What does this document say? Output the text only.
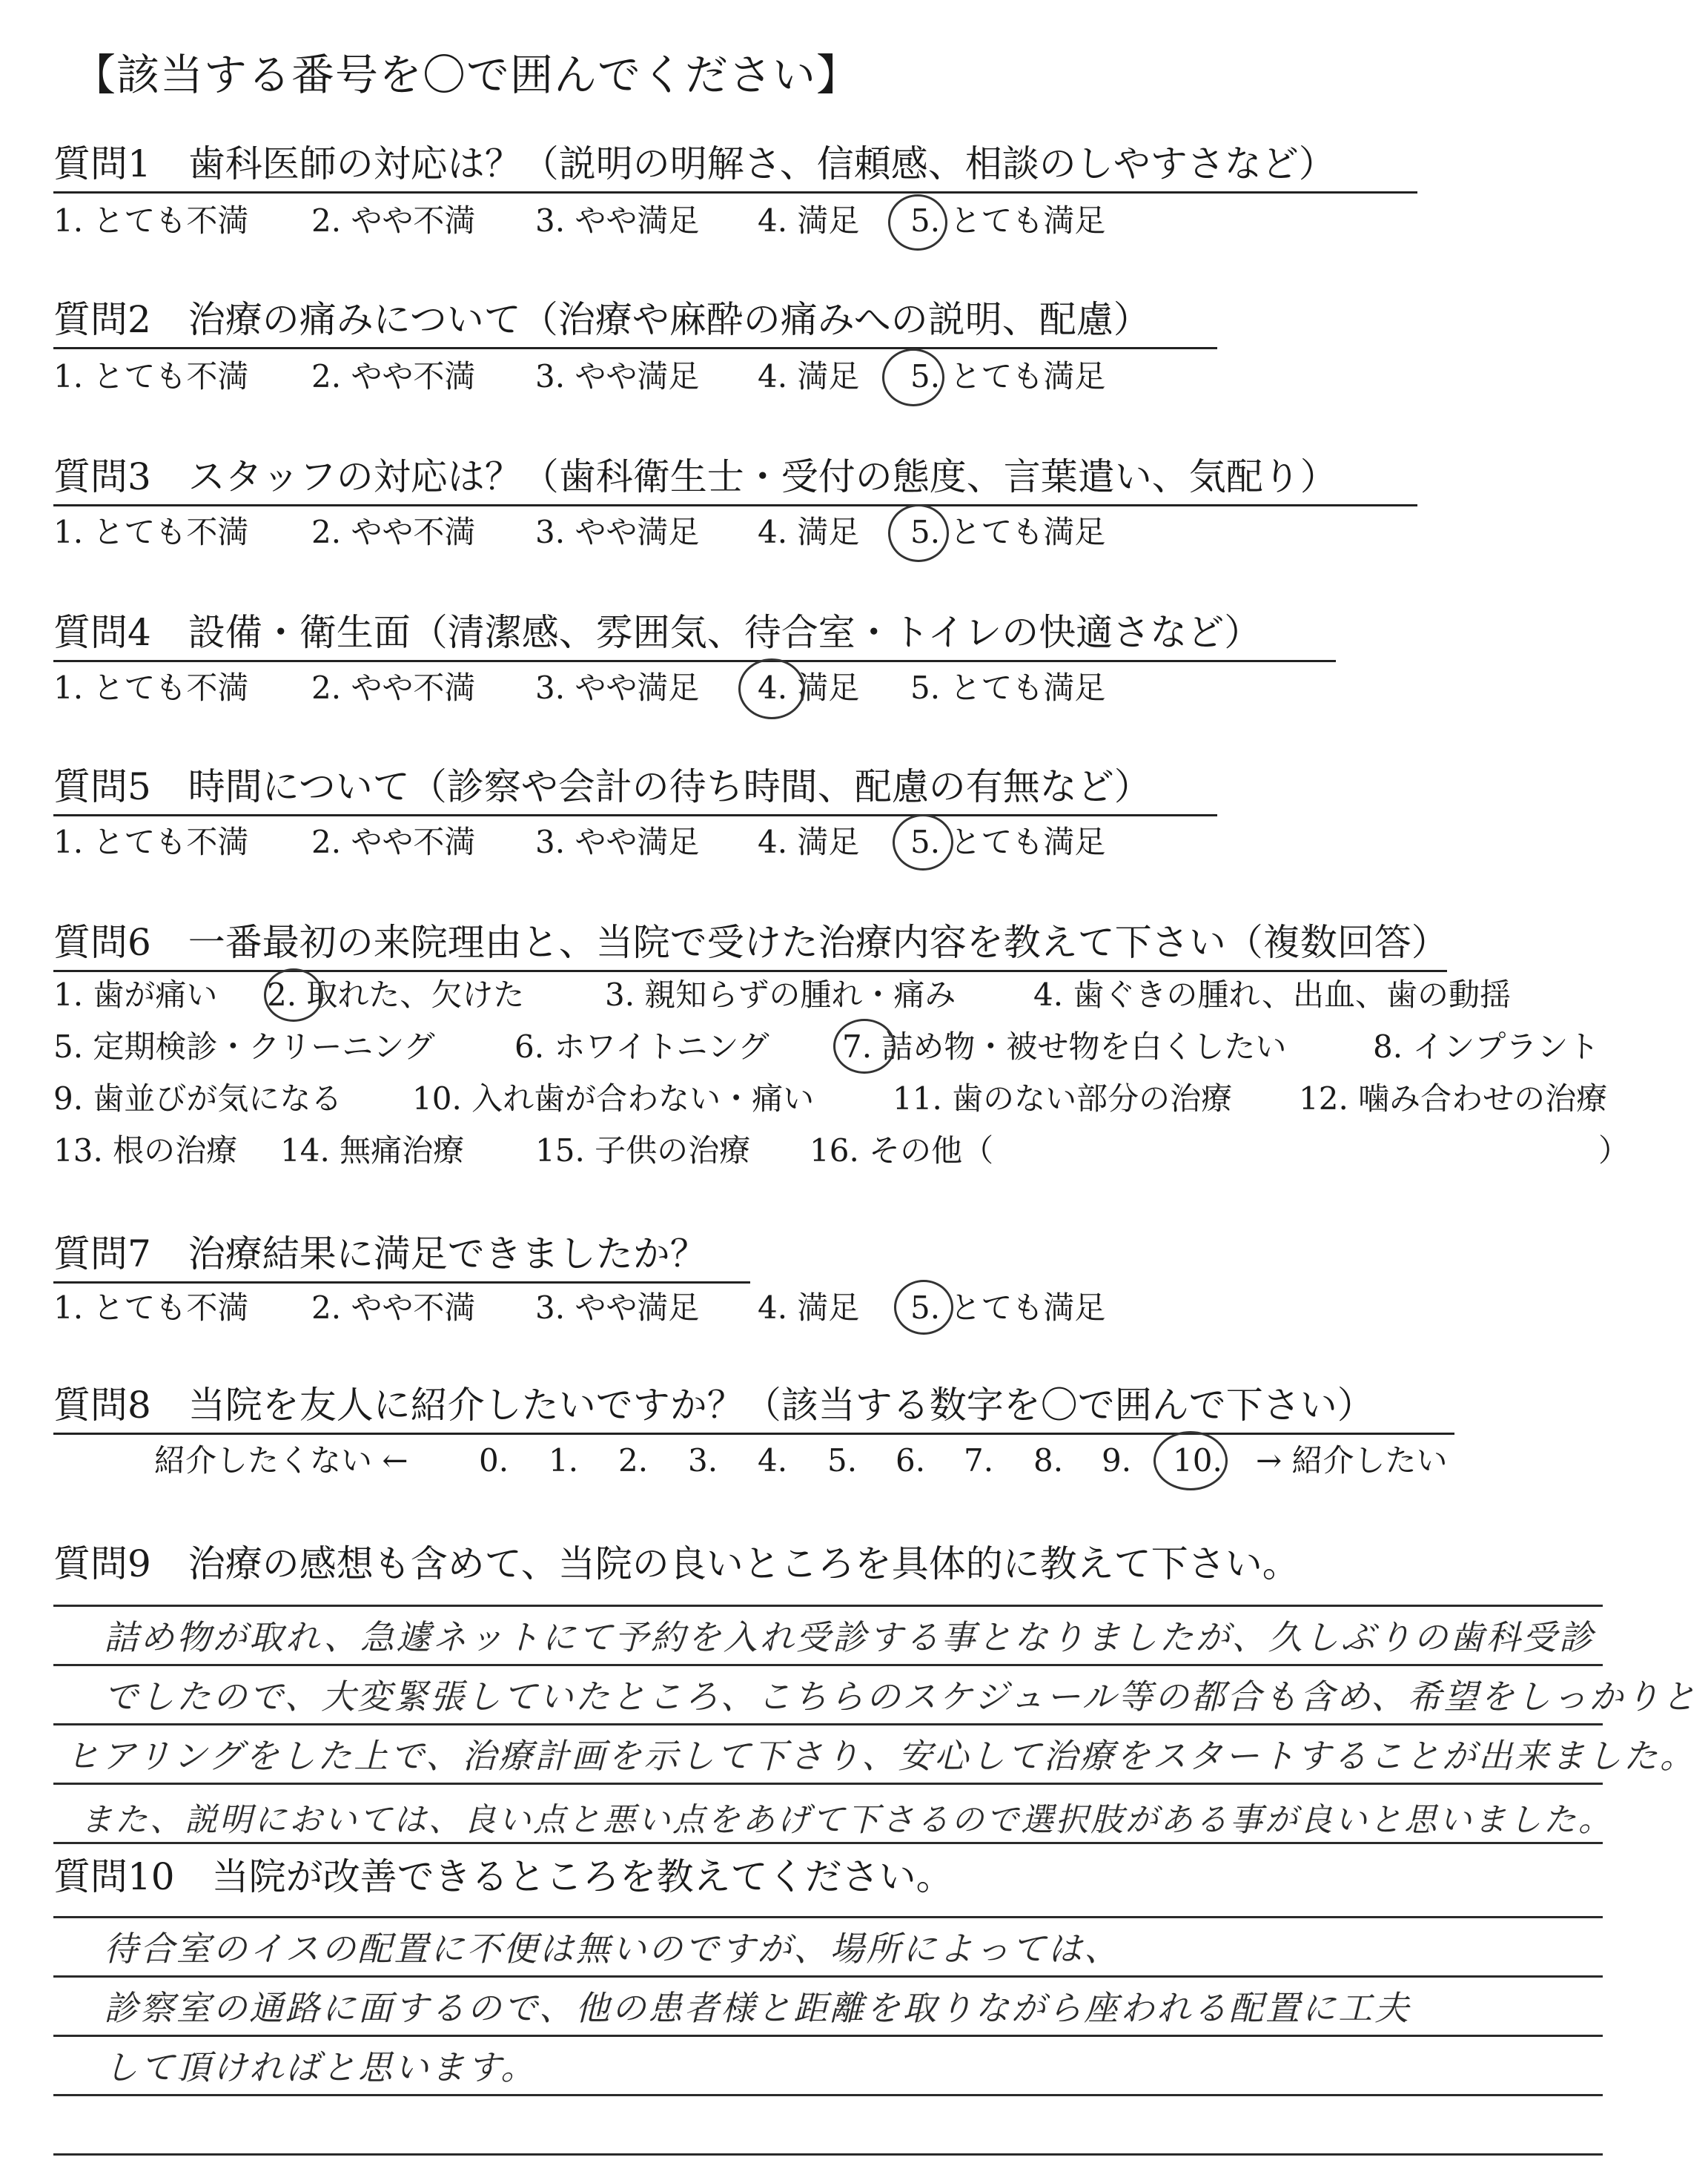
【該当する番号を〇で囲んでください】
質問1　歯科医師の対応は？（説明の明解さ、信頼感、相談のしやすさなど）
1. とても不満 2. やや不満 3. やや満足 4. 満足 5. とても満足
質問2　治療の痛みについて（治療や麻酔の痛みへの説明、配慮）
1. とても不満 2. やや不満 3. やや満足 4. 満足 5. とても満足
質問3　スタッフの対応は？（歯科衛生士・受付の態度、言葉遣い、気配り）
1. とても不満 2. やや不満 3. やや満足 4. 満足 5. とても満足
質問4　設備・衛生面（清潔感、雰囲気、待合室・トイレの快適さなど）
1. とても不満 2. やや不満 3. やや満足 4. 満足 5. とても満足
質問5　時間について（診察や会計の待ち時間、配慮の有無など）
1. とても不満 2. やや不満 3. やや満足 4. 満足 5. とても満足
質問6　一番最初の来院理由と、当院で受けた治療内容を教えて下さい（複数回答）
1. 歯が痛い 2. 取れた、欠けた	3. 親知らずの腫れ・痛み 4. 歯ぐきの腫れ、出血、歯の動揺
5. 定期検診・クリーニング	6. ホワイトニング 7. 詰め物・被せ物を白くしたい	8. インプラント
9. 歯並びが気になる 10. 入れ歯が合わない・痛い	11. 歯のない部分の治療 12. 噛み合わせの治療
13. 根の治療 14. 無痛治療 15. 子供の治療 16. その他（	）
質問7　治療結果に満足できましたか？
1. とても不満 2. やや不満 3. やや満足 4. 満足 5. とても満足
質問8　当院を友人に紹介したいですか？（該当する数字を〇で囲んで下さい）
紹介したくない ← 0. 1. 2. 3. 4. 5. 6. 7. 8. 9. 10. → 紹介したい
質問9　治療の感想も含めて、当院の良いところを具体的に教えて下さい。
詰め物が取れ、急遽ネットにて予約を入れ受診する事となりましたが、久しぶりの歯科受診
でしたので、大変緊張していたところ、こちらのスケジュール等の都合も含め、希望をしっかりと
ヒアリングをした上で、治療計画を示して下さり、安心して治療をスタートすることが出来ました。
また、説明においては、良い点と悪い点をあげて下さるので選択肢がある事が良いと思いました。
質問10　当院が改善できるところを教えてください。
待合室のイスの配置に不便は無いのですが、場所によっては、
診察室の通路に面するので、他の患者様と距離を取りながら座われる配置に工夫
して頂ければと思います。
